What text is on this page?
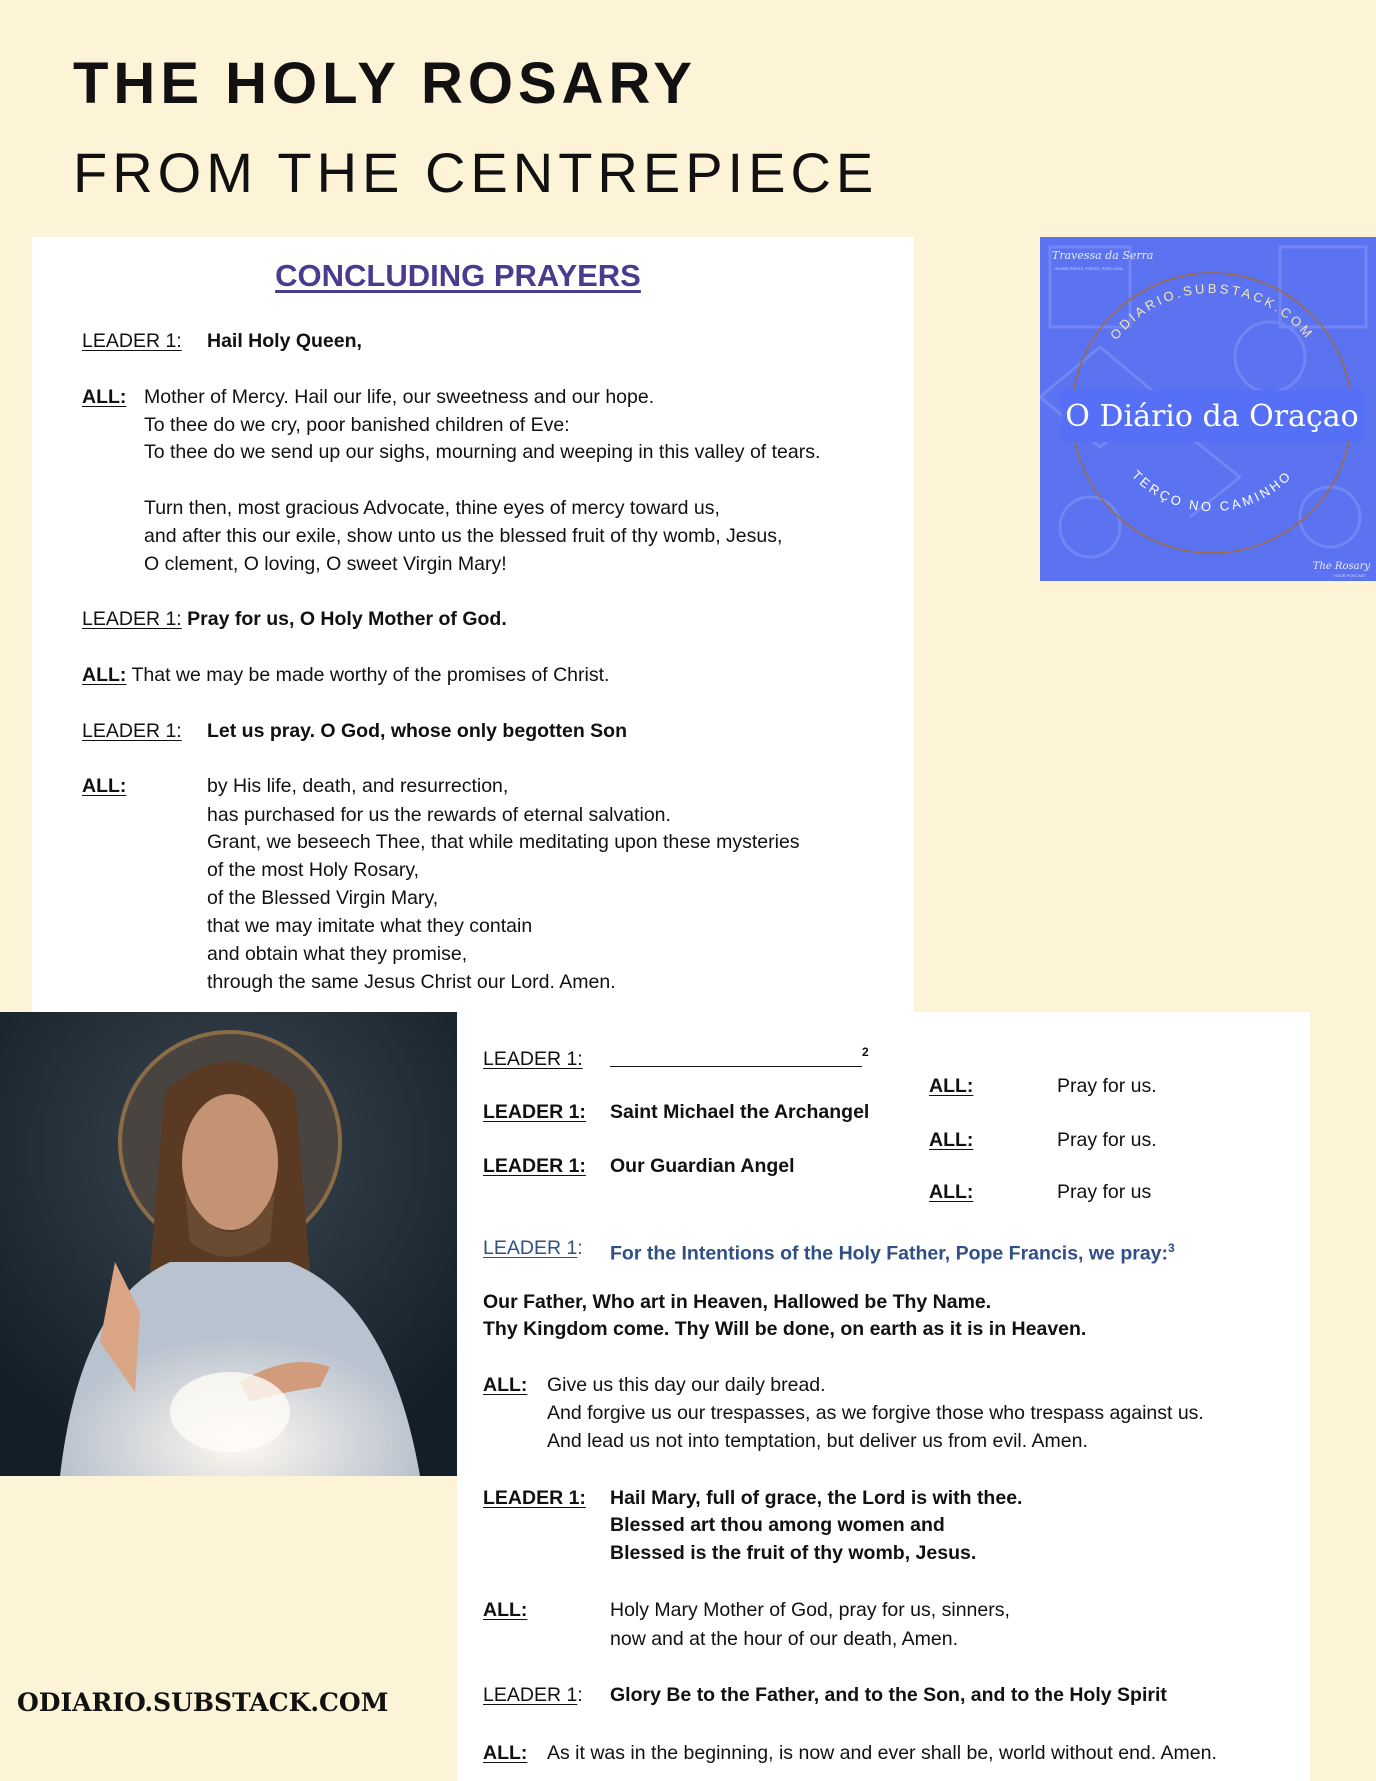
THE HOLY ROSARY
FROM THE CENTREPIECE
CONCLUDING PRAYERS
LEADER 1: Hail Holy Queen,
ALL: Mother of Mercy. Hail our life, our sweetness and our hope.
To thee do we cry, poor banished children of Eve:
To thee do we send up our sighs, mourning and weeping in this valley of tears.
Turn then, most gracious Advocate, thine eyes of mercy toward us,
and after this our exile, show unto us the blessed fruit of thy womb, Jesus,
O clement, O loving, O sweet Virgin Mary!
LEADER 1: Pray for us, O Holy Mother of God.
ALL: That we may be made worthy of the promises of Christ.
LEADER 1: Let us pray. O God, whose only begotten Son
ALL:	by His life, death, and resurrection,
has purchased for us the rewards of eternal salvation.
Grant, we beseech Thee, that while meditating upon these mysteries
of the most Holy Rosary,
of the Blessed Virgin Mary,
that we may imitate what they contain
and obtain what they promise,
through the same Jesus Christ our Lord. Amen.
Travessa da Serra
HOUSE-PRESS, PORTO, PORTUGAL
ODIARIO.SUBSTACK.COM
TERÇO NO CAMINHO
O Diário da Oraçao
The Rosary
HOUR PODCAST
LEADER 1:	2
ALL:	Pray for us.
LEADER 1: Saint Michael the Archangel
ALL:	Pray for us.
LEADER 1: Our Guardian Angel
ALL:	Pray for us
LEADER 1: For the Intentions of the Holy Father, Pope Francis, we pray:$^3$
Our Father, Who art in Heaven, Hallowed be Thy Name.
Thy Kingdom come. Thy Will be done, on earth as it is in Heaven.
ALL: Give us this day our daily bread.
And forgive us our trespasses, as we forgive those who trespass against us.
And lead us not into temptation, but deliver us from evil. Amen.
LEADER 1: Hail Mary, full of grace, the Lord is with thee.
Blessed art thou among women and
Blessed is the fruit of thy womb, Jesus.
ALL:	Holy Mary Mother of God, pray for us, sinners,
now and at the hour of our death, Amen.
LEADER 1: Glory Be to the Father, and to the Son, and to the Holy Spirit
ALL: As it was in the beginning, is now and ever shall be, world without end. Amen.
ODIARIO.SUBSTACK.COM
